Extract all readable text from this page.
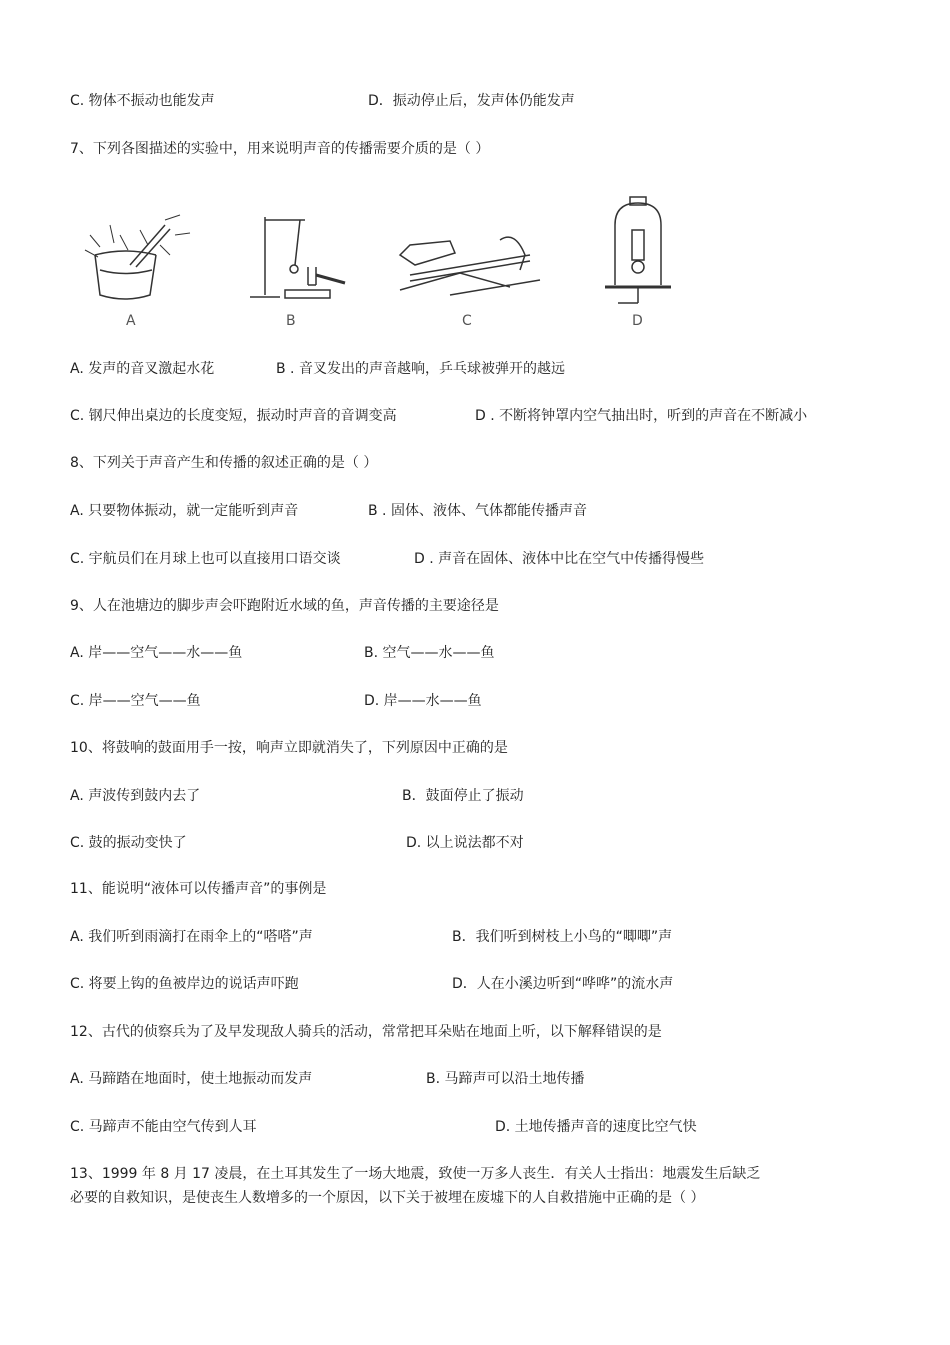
C. 物体不振动也能发声	D．振动停止后，发声体仍能发声
7、下列各图描述的实验中，用来说明声音的传播需要介质的是（ ）
A	B	C	D
A. 发声的音叉激起水花	B . 音叉发出的声音越响，乒乓球被弹开的越远
C. 钢尺伸出桌边的长度变短，振动时声音的音调变高	D . 不断将钟罩内空气抽出时，听到的声音在不断减小
8、下列关于声音产生和传播的叙述正确的是（ ）
A. 只要物体振动，就一定能听到声音	B . 固体、液体、气体都能传播声音
C. 宇航员们在月球上也可以直接用口语交谈	D . 声音在固体、液体中比在空气中传播得慢些
9、人在池塘边的脚步声会吓跑附近水域的鱼，声音传播的主要途径是
A. 岸——空气——水——鱼	B. 空气——水——鱼
C. 岸——空气——鱼	D. 岸——水——鱼
10、将鼓响的鼓面用手一按，响声立即就消失了，下列原因中正确的是
A. 声波传到鼓内去了	B．鼓面停止了振动
C. 鼓的振动变快了	D. 以上说法都不对
11、能说明“液体可以传播声音”的事例是
A. 我们听到雨滴打在雨伞上的“嗒嗒”声	B．我们听到树枝上小鸟的“唧唧”声
C. 将要上钩的鱼被岸边的说话声吓跑	D．人在小溪边听到“哗哗”的流水声
12、古代的侦察兵为了及早发现敌人骑兵的活动，常常把耳朵贴在地面上听，以下解释错误的是
A. 马蹄踏在地面时，使土地振动而发声	B. 马蹄声可以沿土地传播
C. 马蹄声不能由空气传到人耳	D. 土地传播声音的速度比空气快
13、1999 年 8 月 17 凌晨，在土耳其发生了一场大地震，致使一万多人丧生．有关人士指出：地震发生后缺乏
必要的自救知识，是使丧生人数增多的一个原因，以下关于被埋在废墟下的人自救措施中正确的是（ ）
